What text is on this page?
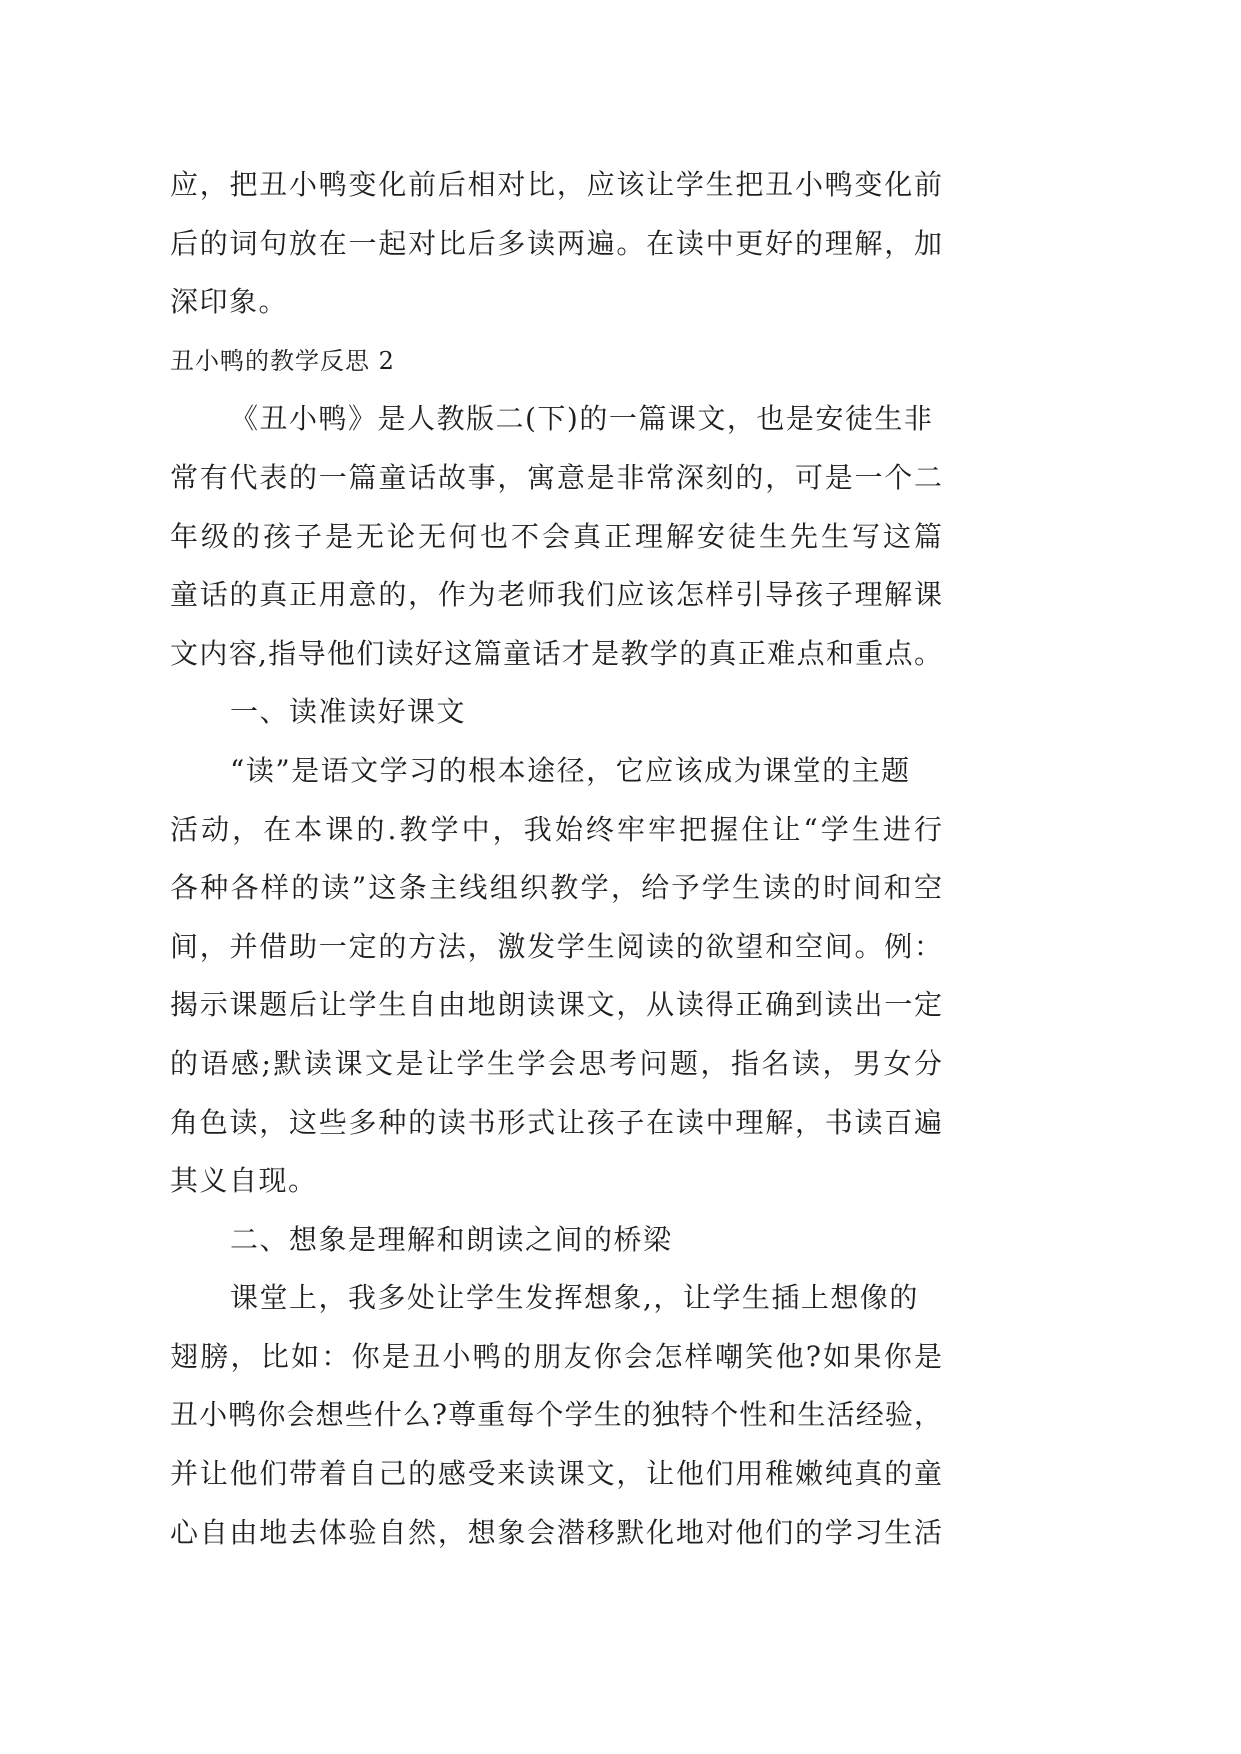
应，把丑小鸭变化前后相对比，应该让学生把丑小鸭变化前
后的词句放在一起对比后多读两遍。在读中更好的理解，加
深印象。
丑小鸭的教学反思 2
《丑小鸭》是人教版二(下)的一篇课文，也是安徒生非
常有代表的一篇童话故事，寓意是非常深刻的，可是一个二
年级的孩子是无论无何也不会真正理解安徒生先生写这篇
童话的真正用意的，作为老师我们应该怎样引导孩子理解课
文内容,指导他们读好这篇童话才是教学的真正难点和重点。
一、读准读好课文
“读”是语文学习的根本途径，它应该成为课堂的主题
活动，在本课的.教学中，我始终牢牢把握住让“学生进行
各种各样的读”这条主线组织教学，给予学生读的时间和空
间，并借助一定的方法，激发学生阅读的欲望和空间。例：
揭示课题后让学生自由地朗读课文，从读得正确到读出一定
的语感;默读课文是让学生学会思考问题，指名读，男女分
角色读，这些多种的读书形式让孩子在读中理解，书读百遍
其义自现。
二、想象是理解和朗读之间的桥梁
课堂上，我多处让学生发挥想象,，让学生插上想像的
翅膀，比如：你是丑小鸭的朋友你会怎样嘲笑他?如果你是
丑小鸭你会想些什么?尊重每个学生的独特个性和生活经验，
并让他们带着自己的感受来读课文，让他们用稚嫩纯真的童
心自由地去体验自然，想象会潜移默化地对他们的学习生活
